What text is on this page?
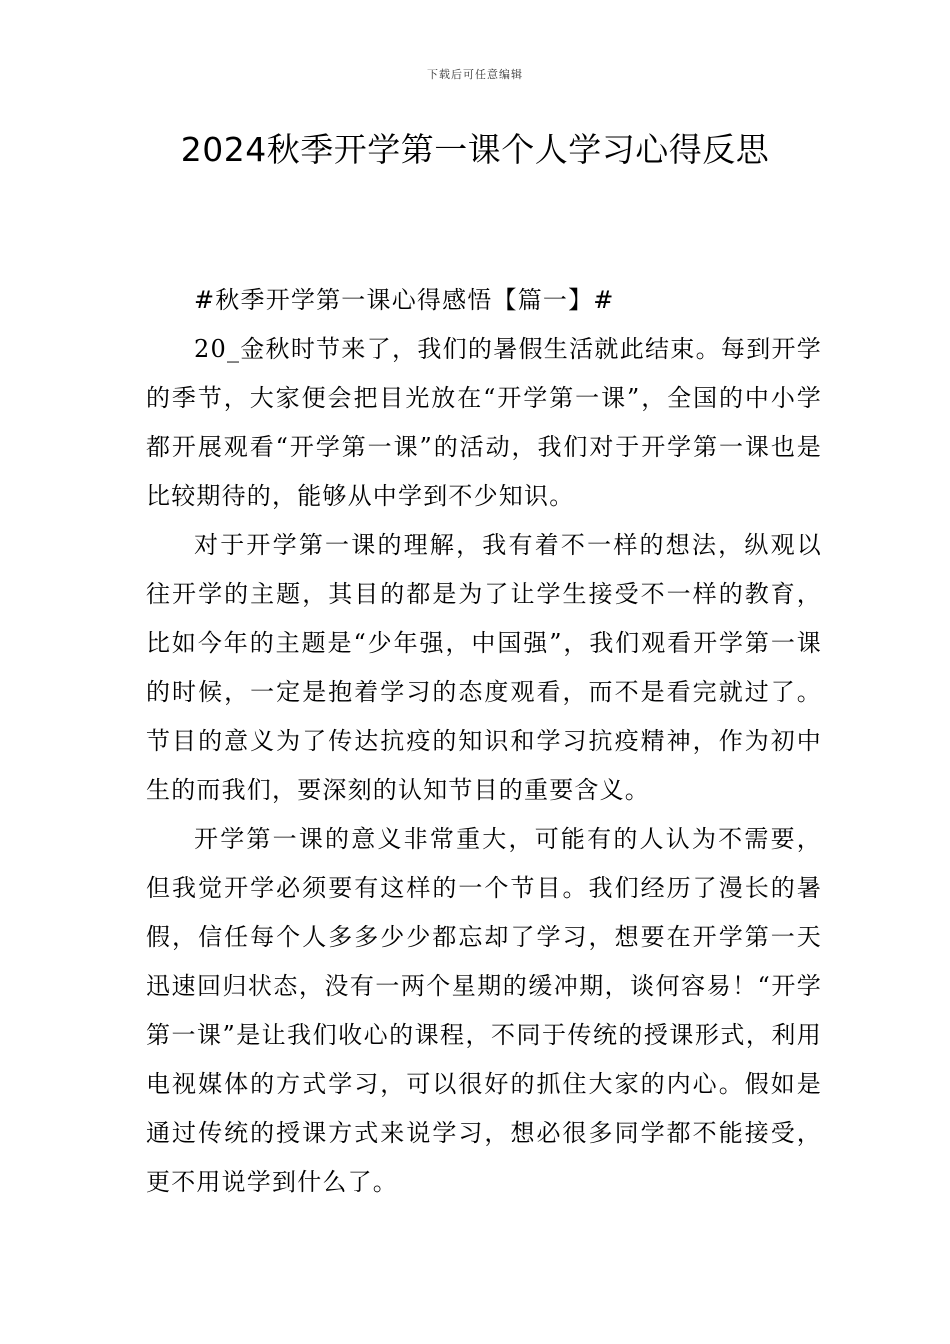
下载后可任意编辑
2024秋季开学第一课个人学习心得反思

#秋季开学第一课心得感悟【篇一】#

20_金秋时节来了，我们的暑假生活就此结束。每到开学的季节，大家便会把目光放在“开学第一课”，全国的中小学都开展观看“开学第一课”的活动，我们对于开学第一课也是比较期待的，能够从中学到不少知识。

对于开学第一课的理解，我有着不一样的想法，纵观以往开学的主题，其目的都是为了让学生接受不一样的教育，比如今年的主题是“少年强，中国强”，我们观看开学第一课的时候，一定是抱着学习的态度观看，而不是看完就过了。节目的意义为了传达抗疫的知识和学习抗疫精神，作为初中生的而我们，要深刻的认知节目的重要含义。

开学第一课的意义非常重大，可能有的人认为不需要，但我觉开学必须要有这样的一个节目。我们经历了漫长的暑假，信任每个人多多少少都忘却了学习，想要在开学第一天迅速回归状态，没有一两个星期的缓冲期，谈何容易！“开学第一课”是让我们收心的课程，不同于传统的授课形式，利用电视媒体的方式学习，可以很好的抓住大家的内心。假如是通过传统的授课方式来说学习，想必很多同学都不能接受，更不用说学到什么了。
